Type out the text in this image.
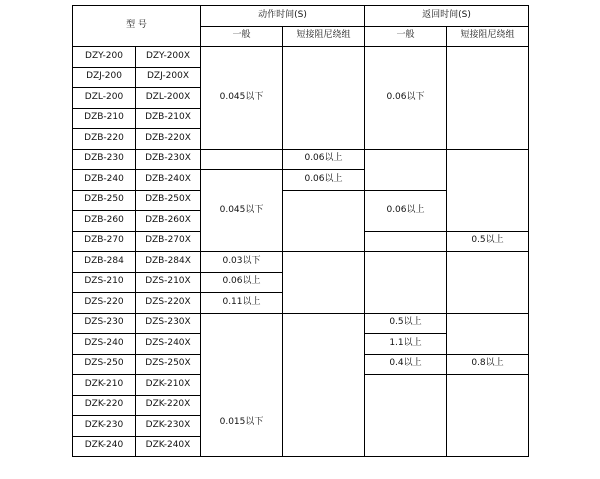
型 号		动作时间(S)		返回时间(S)	
		一般	短接阻尼绕组	一般	短接阻尼绕组
DZY-200	DZY-200X	0.045以下		0.06以下	
DZJ-200	DZJ-200X				
DZL-200	DZL-200X				
DZB-210	DZB-210X				
DZB-220	DZB-220X				
DZB-230	DZB-230X		0.06以上		
DZB-240	DZB-240X	0.045以下	0.06以上		
DZB-250	DZB-250X			0.06以上	
DZB-260	DZB-260X				
DZB-270	DZB-270X				0.5以上
DZB-284	DZB-284X	0.03以下			
DZS-210	DZS-210X	0.06以上			
DZS-220	DZS-220X	0.11以上			
DZS-230	DZS-230X	0.015以下		0.5以上	
DZS-240	DZS-240X			1.1以上	
DZS-250	DZS-250X			0.4以上	0.8以上
DZK-210	DZK-210X				
DZK-220	DZK-220X				
DZK-230	DZK-230X				
DZK-240	DZK-240X				
